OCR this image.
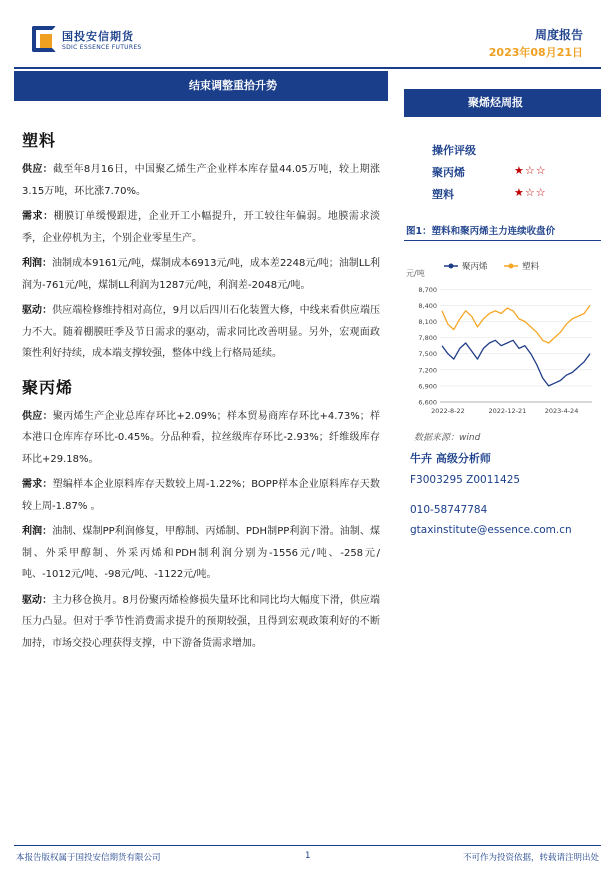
国投安信期货
SDIC ESSENCE FUTURES
周度报告
2023年08月21日
结束调整重拾升势
聚烯烃周报
塑料

供应：截至年8月16日，中国聚乙烯生产企业样本库存量44.05万吨，较上期涨3.15万吨，环比涨7.70%。

需求：棚膜订单缓慢跟进，企业开工小幅提升，开工较往年偏弱。地膜需求淡季，企业停机为主，个别企业零星生产。

利润：油制成本9161元/吨，煤制成本6913元/吨，成本差2248元/吨；油制LL利润为-761元/吨，煤制LL利润为1287元/吨，利润差-2048元/吨。

驱动：供应端检修维持相对高位，9月以后四川石化装置大修，中线来看供应端压力不大。随着棚膜旺季及节日需求的驱动，需求同比改善明显。另外，宏观面政策性利好持续，成本端支撑较强，整体中线上行格局延续。

聚丙烯

供应：聚丙烯生产企业总库存环比+2.09%；样本贸易商库存环比+4.73%；样本港口仓库库存环比-0.45%。分品种看，拉丝级库存环比-2.93%；纤维级库存环比+29.18%。

需求：塑编样本企业原料库存天数较上周-1.22%；BOPP样本企业原料库存天数较上周-1.87% 。

利润：油制、煤制PP利润修复，甲醇制、丙烯制、PDH制PP利润下滑。油制、煤制、外采甲醇制、外采丙烯和PDH制利润分别为-1556元/吨、-258元/吨、-1012元/吨、-98元/吨、-1122元/吨。

驱动：主力移仓换月。8月份聚丙烯检修损失量环比和同比均大幅度下滑，供应端压力凸显。但对于季节性消费需求提升的预期较强，且得到宏观政策利好的不断加持，市场交投心理获得支撑，中下游备货需求增加。

操作评级
聚丙烯	★☆☆
塑料	★☆☆
图1：塑料和聚丙烯主力连续收盘价
聚丙烯	塑料
元/吨
6,600
6,900
7,200
7,500
7,800
8,100
8,400
8,700
2022-8-22	2022-12-21	2023-4-24
数据来源：wind
牛卉 高级分析师
F3003295 Z0011425
010-58747784
gtaxinstitute@essence.com.cn
本报告版权属于国投安信期货有限公司	1	不可作为投资依据，转载请注明出处
